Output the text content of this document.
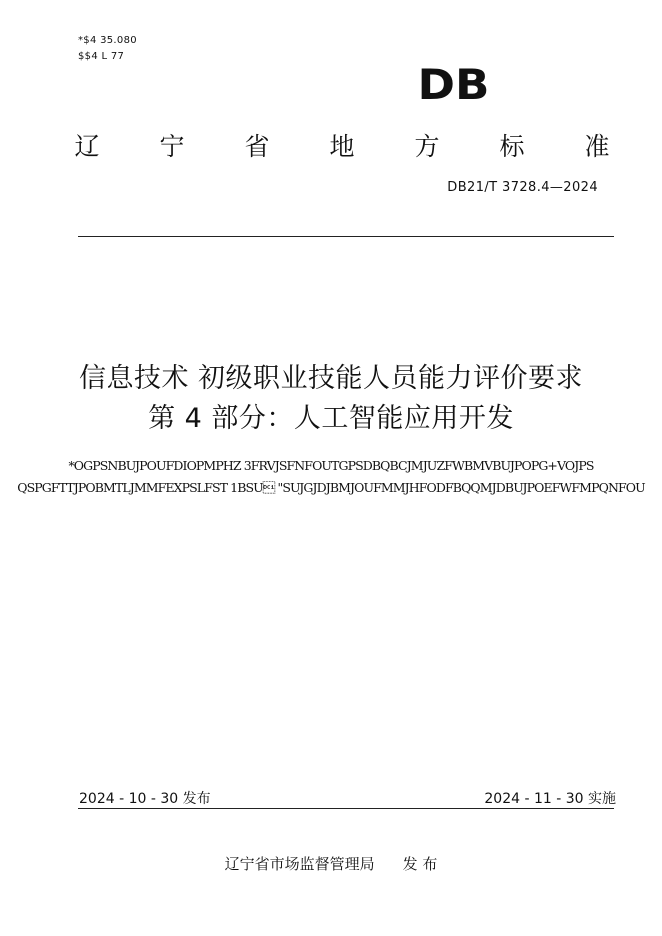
*$4 35.080
$$4 L 77
DB
辽 宁 省 地 方 标 准
DB21/T 3728.4—2024
信息技术 初级职业技能人员能力评价要求
第 4 部分：人工智能应用开发
*OGPSNBUJPOUFDIOPMPHZ 3FRVJSFNFOUTGPSDBQBCJMJUZFWBMVBUJPOPG+VOJPS
QSPGFTTJPOBMTLJMMFEXPSLFST 1BSU "SUJGJDJBMJOUFMMJHFODFBQQMJDBUJPOEFWFMPQNFOU
2024 - 10 - 30 发布	2024 - 11 - 30 实施
辽宁省市场监督管理局 发 布
